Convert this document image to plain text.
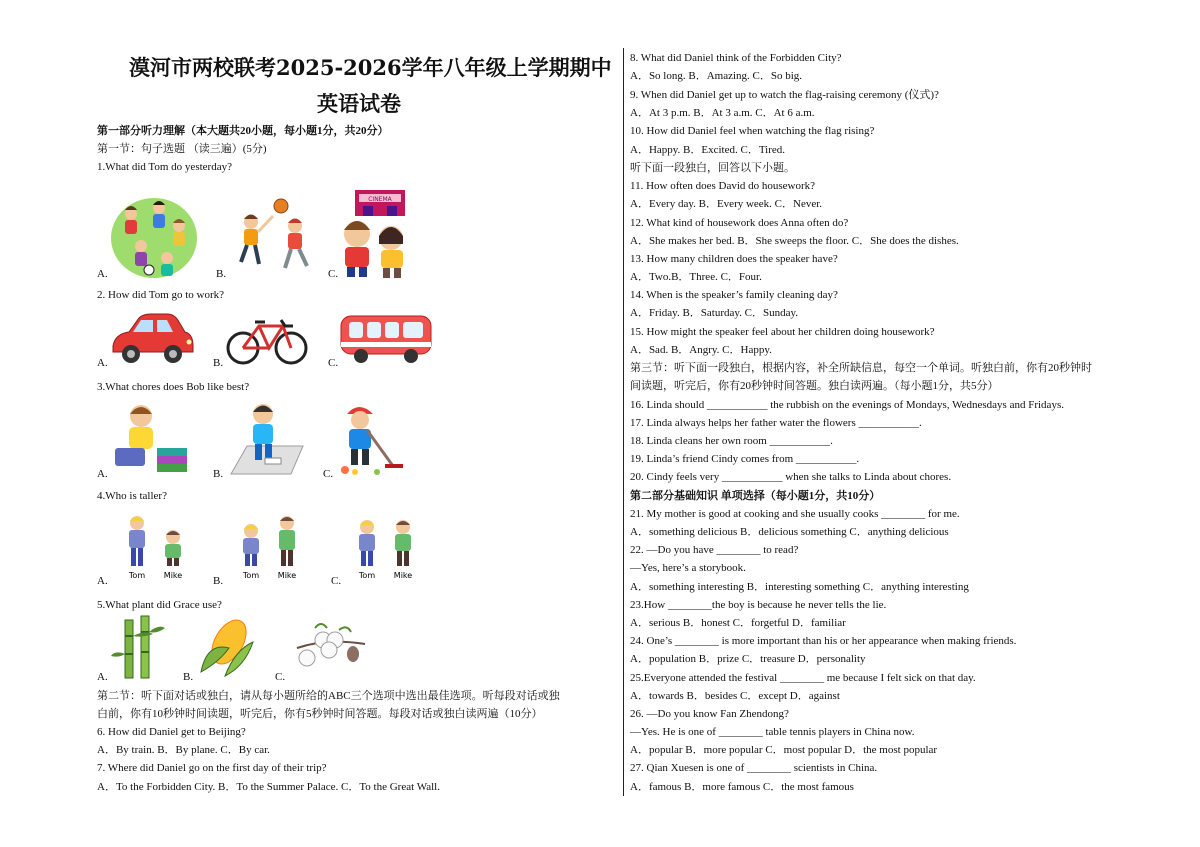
漠河市两校联考2025-2026学年八年级上学期期中
英语试卷
第一部分听力理解（本大题共20小题，每小题1分，共20分）
第一节：句子选题 （读三遍）(5分)
1.What did Tom do yesterday?
A.	B.	C.
CINEMA
2. How did Tom go to work?
A.	B.	C.
3.What chores does Bob like best?
A.	B.	C.
4.Who is taller?
A.	Tom Mike	B. Tom Mike	C. Tom Mike
5.What plant did Grace use?
A.	B.	C.
第二节：听下面对话或独白，请从每小题所给的ABC三个选项中选出最佳选项。听每段对话或独
白前，你有10秒钟时间读题，听完后，你有5秒钟时间答题。每段对话或独白读两遍（10分）
6. How did Daniel get to Beijing?
A．By train. B．By plane. C．By car.
7. Where did Daniel go on the first day of their trip?
A．To the Forbidden City. B．To the Summer Palace. C．To the Great Wall.
8. What did Daniel think of the Forbidden City?
A．So long. B．Amazing. C．So big.
9. When did Daniel get up to watch the flag-raising ceremony (仪式)?
A．At 3 p.m. B．At 3 a.m. C．At 6 a.m.
10. How did Daniel feel when watching the flag rising?
A．Happy. B．Excited. C．Tired.
听下面一段独白，回答以下小题。
11. How often does David do housework?
A．Every day. B．Every week. C．Never.
12. What kind of housework does Anna often do?
A．She makes her bed. B．She sweeps the floor. C．She does the dishes.
13. How many children does the speaker have?
A．Two.B．Three. C．Four.
14. When is the speaker’s family cleaning day?
A．Friday. B．Saturday. C．Sunday.
15. How might the speaker feel about her children doing housework?
A．Sad. B．Angry. C．Happy.
第三节：听下面一段独白，根据内容，补全所缺信息，每空一个单词。听独白前，你有20秒钟时
间读题，听完后，你有20秒钟时间答题。独白读两遍。（每小题1分，共5分）
16. Linda should ___________ the rubbish on the evenings of Mondays, Wednesdays and Fridays.
17. Linda always helps her father water the flowers ___________.
18. Linda cleans her own room ___________.
19. Linda’s friend Cindy comes from ___________.
20. Cindy feels very ___________ when she talks to Linda about chores.
第二部分基础知识 单项选择（每小题1分，共10分）
21. My mother is good at cooking and she usually cooks ________ for me.
A．something delicious B．delicious something C．anything delicious
22. —Do you have ________ to read?
—Yes, here’s a storybook.
A．something interesting B．interesting something C．anything interesting
23.How ________the boy is because he never tells the lie.
A．serious B．honest C．forgetful D．familiar
24. One’s ________ is more important than his or her appearance when making friends.
A．population B．prize C．treasure D．personality
25.Everyone attended the festival ________ me because I felt sick on that day.
A．towards B．besides C．except D．against
26. —Do you know Fan Zhendong?
—Yes. He is one of ________ table tennis players in China now.
A．popular B．more popular C．most popular D．the most popular
27. Qian Xuesen is one of ________ scientists in China.
A．famous B．more famous C．the most famous
